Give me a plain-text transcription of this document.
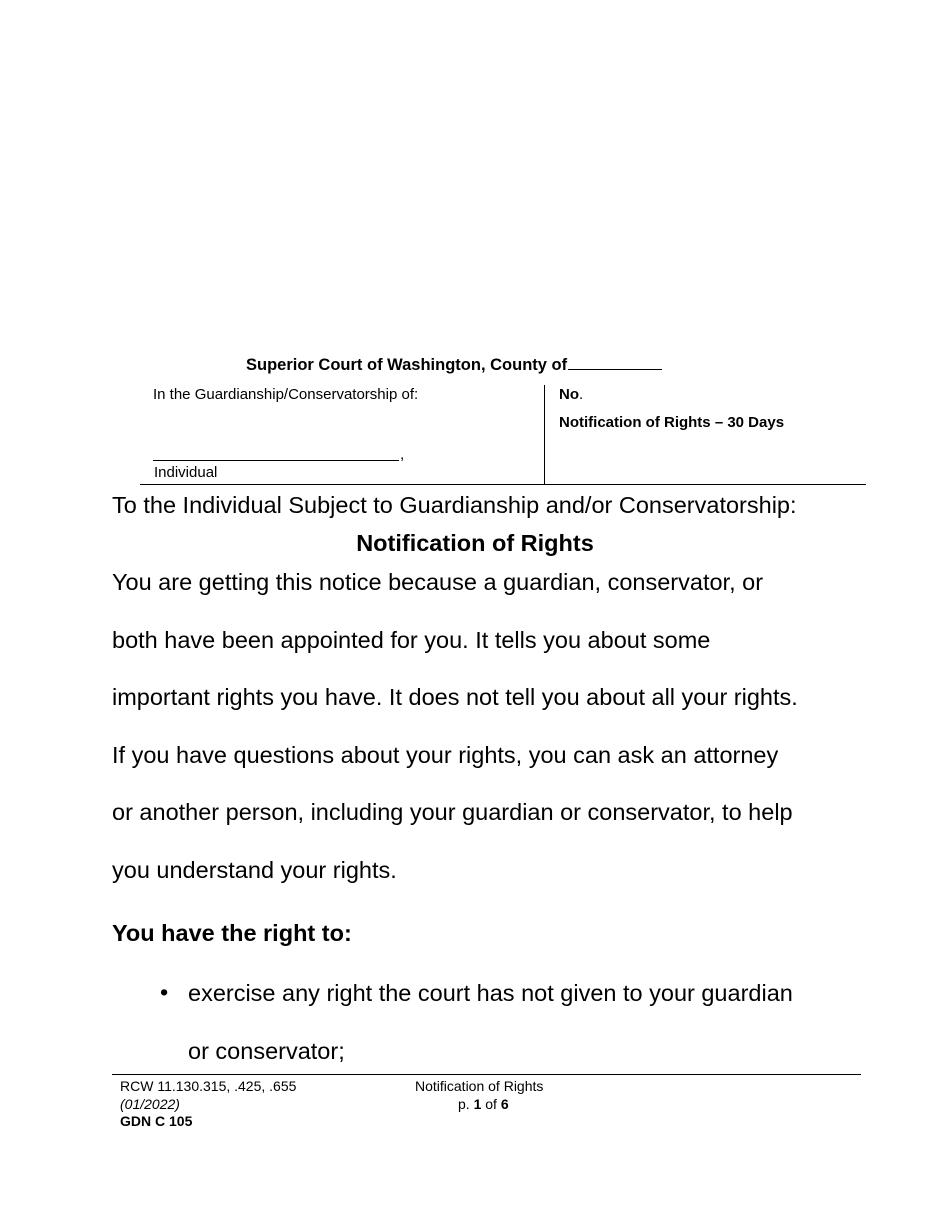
Superior Court of Washington, County of
In the Guardianship/Conservatorship of:
,
Individual
No.
Notification of Rights – 30 Days
To the Individual Subject to Guardianship and/or Conservatorship:
Notification of Rights
You are getting this notice because a guardian, conservator, or
both have been appointed for you. It tells you about some
important rights you have. It does not tell you about all your rights.
If you have questions about your rights, you can ask an attorney
or another person, including your guardian or conservator, to help
you understand your rights.
You have the right to:
• exercise any right the court has not given to your guardian
or conservator;
RCW 11.130.315, .425, .655
(01/2022)
GDN C 105
Notification of Rights
p. 1 of 6
